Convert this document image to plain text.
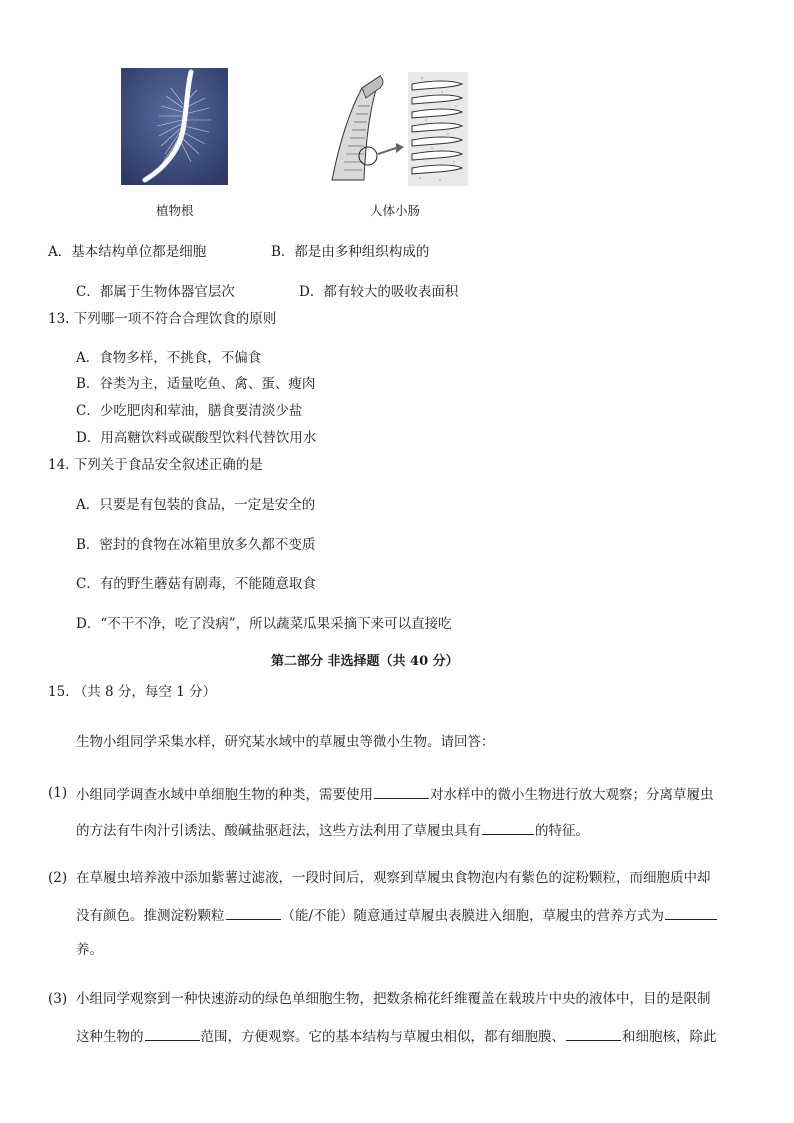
植物根	人体小肠
A．基本结构单位都是细胞	B．都是由多种组织构成的
C．都属于生物体器官层次	D．都有较大的吸收表面积
13. 下列哪一项不符合合理饮食的原则
A．食物多样，不挑食，不偏食
B．谷类为主，适量吃鱼、禽、蛋、瘦肉
C．少吃肥肉和荤油，膳食要清淡少盐
D．用高糖饮料或碳酸型饮料代替饮用水
14. 下列关于食品安全叙述正确的是
A．只要是有包装的食品，一定是安全的
B．密封的食物在冰箱里放多久都不变质
C．有的野生蘑菇有剧毒，不能随意取食
D．“不干不净，吃了没病”，所以蔬菜瓜果采摘下来可以直接吃
第二部分 非选择题（共 40 分）
15. （共 8 分，每空 1 分）
生物小组同学采集水样，研究某水域中的草履虫等微小生物。请回答：
(1) 小组同学调查水域中单细胞生物的种类，需要使用	对水样中的微小生物进行放大观察；分离草履虫
的方法有牛肉汁引诱法、酸碱盐驱赶法，这些方法利用了草履虫具有	的特征。
(2) 在草履虫培养液中添加紫薯过滤液，一段时间后，观察到草履虫食物泡内有紫色的淀粉颗粒，而细胞质中却
没有颜色。推测淀粉颗粒	（能/不能）随意通过草履虫表膜进入细胞，草履虫的营养方式为
养。
(3) 小组同学观察到一种快速游动的绿色单细胞生物，把数条棉花纤维覆盖在载玻片中央的液体中，目的是限制
这种生物的	范围，方便观察。它的基本结构与草履虫相似，都有细胞膜、	和细胞核，除此
